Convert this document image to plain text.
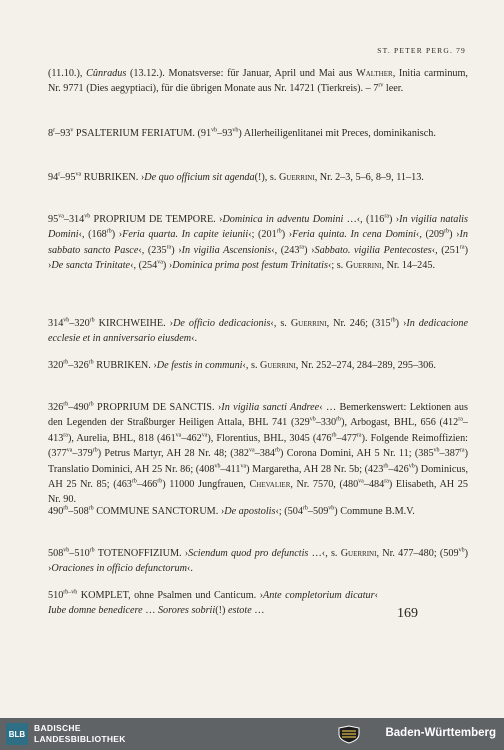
ST. PETER PERG. 79
(11.10.), Cûnradus (13.12.). Monatsverse: für Januar, April und Mai aus Walther, Initia carminum, Nr. 9771 (Dies aegyptiaci), für die übrigen Monate aus Nr. 14721 (Tierkreis). – $7^{rv}$ leer.
8$^r$–93$^v$ PSALTERIUM FERIATUM. $(91^{vb}-93^{vb})$ Allerheiligenlitanei mit Preces, dominikanisch.
$94^r-95^{va}$ RUBRIKEN. ›De quo officium sit agenda(!), s. Guerrini, Nr. 2–3, 5–6, 8–9, 11–13.
$95^{va}-314^{vb}$ PROPRIUM DE TEMPORE. ›Dominica in adventu Domini …‹, $(116^{ra})$ ›In vigilia natalis Domini‹, $(168^{rb})$ ›Feria quarta. In capite ieiunii‹; $(201^{rb})$ ›Feria quinta. In cena Domini‹, $(209^{rb})$ ›In sabbato sancto Pasce‹, $(235^{ra})$ ›In vigilia Ascensionis‹, $(243^{ra})$ ›Sabbato. vigilia Pentecostes‹, $(251^{ra})$ ›De sancta Trinitate‹, $(254^{va})$ ›Dominica prima post festum Trinitatis‹; s. Guerrini, Nr. 14–245.
$314^{vb}-320^{rb}$ KIRCHWEIHE. ›De officio dedicacionis‹, s. Guerrini, Nr. 246; $(315^{rb})$ ›In dedicacione ecclesie et in anniversario eiusdem‹.
$320^{rb}-326^{rb}$ RUBRIKEN. ›De festis in communi‹, s. Guerrini, Nr. 252–274, 284–289, 295–306.
$326^{rb}-490^{rb}$ PROPRIUM DE SANCTIS. ›In vigilia sancti Andree‹ … Bemerkenswert: Lektionen aus den Legenden der Straßburger Heiligen Attala, BHL 741 $(329^{vb}-330^{rb})$, Arbogast, BHL, 656 $(412^{ra}-413^{ra})$, Aurelia, BHL, 818 $(461^{va}-462^{va})$, Florentius, BHL, 3045 $(476^{rb}-477^{ra})$. Folgende Reimoffizien: $(377^{va}-379^{rb})$ Petrus Martyr, AH 28 Nr. 48; $(382^{va}-384^{rb})$ Corona Domini, AH 5 Nr. 11; $(385^{vb}-387^{ra})$ Translatio Dominici, AH 25 Nr. 86; $(408^{vb}-411^{va})$ Margaretha, AH 28 Nr. 5b; $(423^{rb}-426^{vb})$ Dominicus, AH 25 Nr. 85; $(463^{rb}-466^{rb})$ 11000 Jungfrauen, Chevalier, Nr. 7570, $(480^{va}-484^{ra})$ Elisabeth, AH 25 Nr. 90.
$490^{rb}-508^{rb}$ COMMUNE SANCTORUM. ›De apostolis‹; $(504^{rb}-509^{vb})$ Commune B.M.V.
$508^{vb}-510^{rb}$ TOTENOFFIZIUM. ›Sciendum quod pro defunctis …‹, s. Guerrini, Nr. 477–480; $(509^{vb})$ ›Oraciones in officio defunctorum‹.
$510^{rb-vb}$ KOMPLET, ohne Psalmen und Canticum. ›Ante completorium dicatur‹ Iube domne benedicere … Sorores sobrii(!) estote …	169
BLB
BADISCHE
LANDESBIBLIOTHEK	Baden-Württemberg
